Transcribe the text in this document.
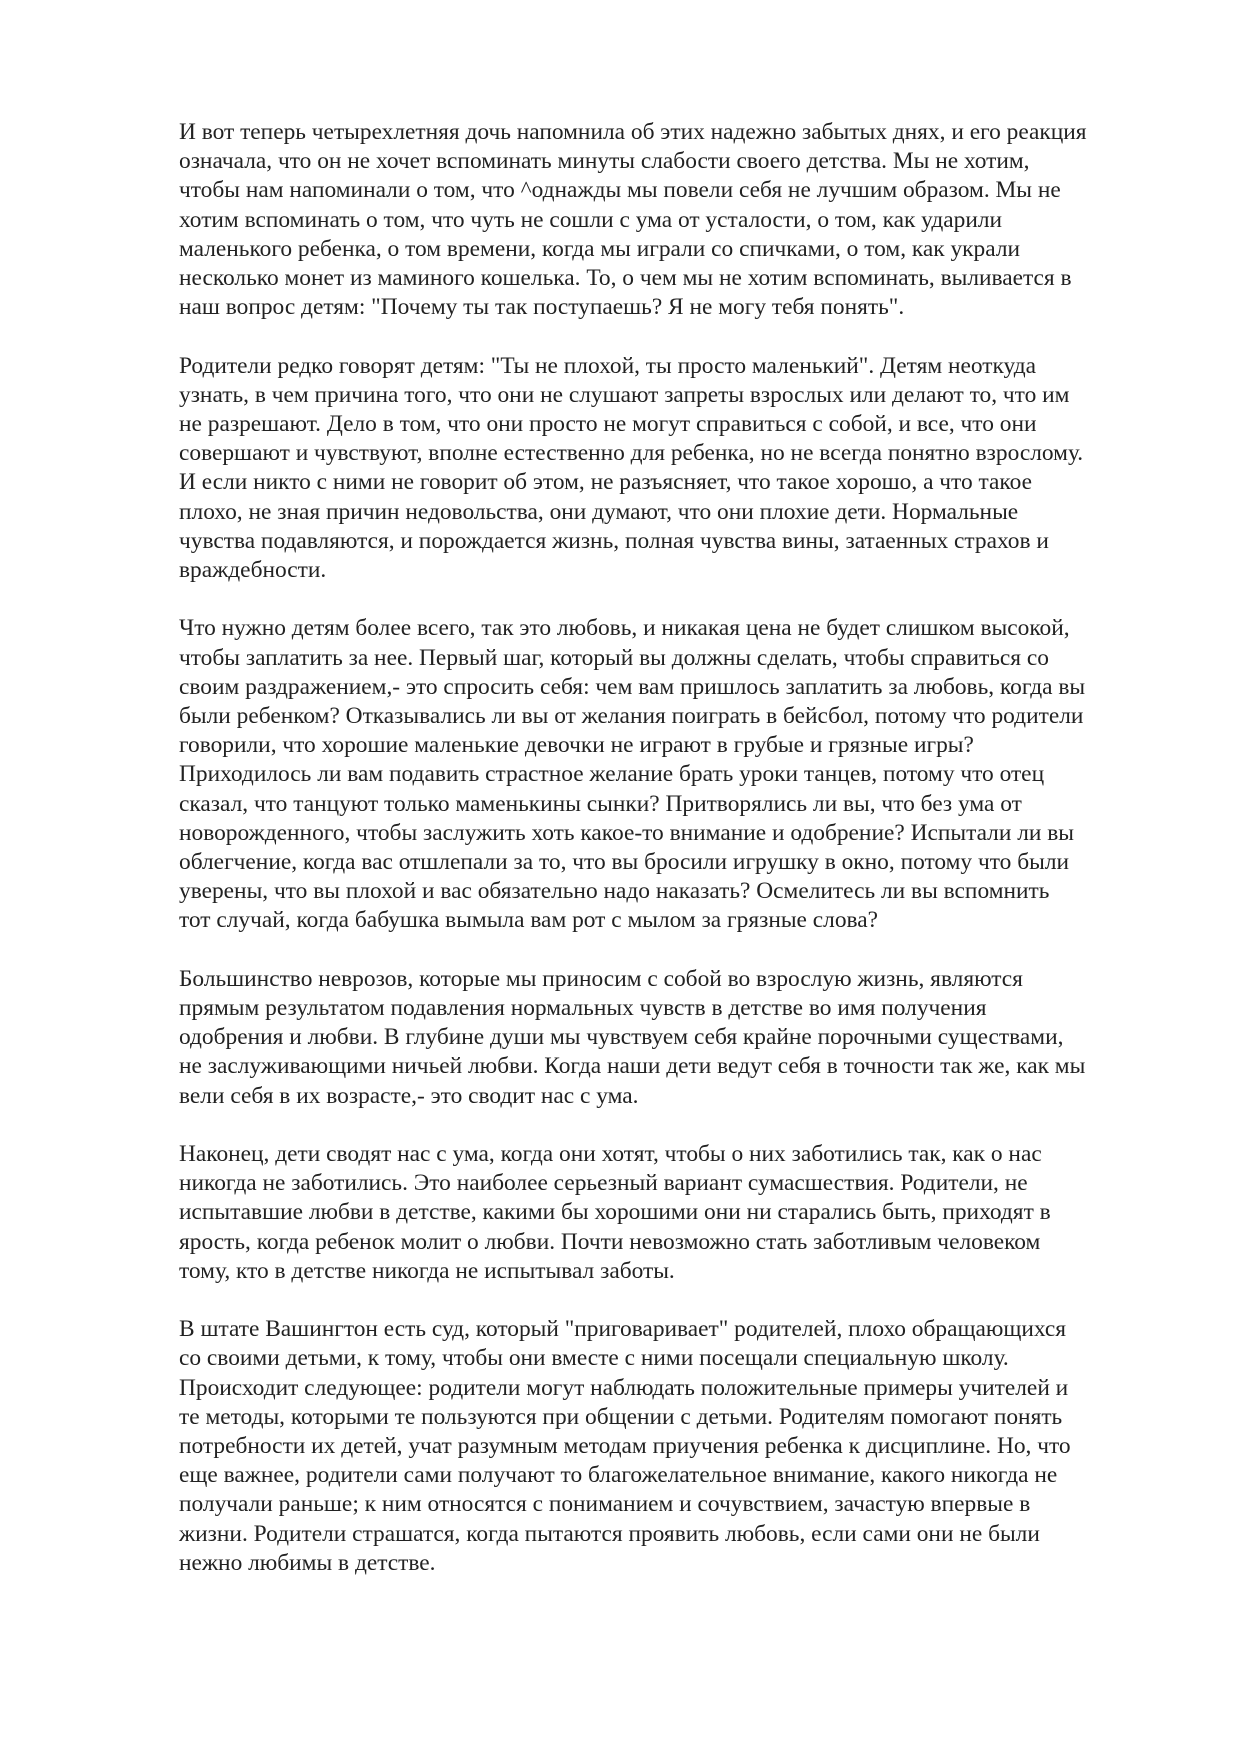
И вот теперь четырехлетняя дочь напомнила об этих надежно забытых днях, и его реакция
означала, что он не хочет вспоминать минуты слабости своего детства. Мы не хотим,
чтобы нам напоминали о том, что ^однажды мы повели себя не лучшим образом. Мы не
хотим вспоминать о том, что чуть не сошли с ума от усталости, о том, как ударили
маленького ребенка, о том времени, когда мы играли со спичками, о том, как украли
несколько монет из маминого кошелька. То, о чем мы не хотим вспоминать, выливается в
наш вопрос детям: "Почему ты так поступаешь? Я не могу тебя понять".

Родители редко говорят детям: "Ты не плохой, ты просто маленький". Детям неоткуда
узнать, в чем причина того, что они не слушают запреты взрослых или делают то, что им
не разрешают. Дело в том, что они просто не могут справиться с собой, и все, что они
совершают и чувствуют, вполне естественно для ребенка, но не всегда понятно взрослому.
И если никто с ними не говорит об этом, не разъясняет, что такое хорошо, а что такое
плохо, не зная причин недовольства, они думают, что они плохие дети. Нормальные
чувства подавляются, и порождается жизнь, полная чувства вины, затаенных страхов и
враждебности.

Что нужно детям более всего, так это любовь, и никакая цена не будет слишком высокой,
чтобы заплатить за нее. Первый шаг, который вы должны сделать, чтобы справиться со
своим раздражением,- это спросить себя: чем вам пришлось заплатить за любовь, когда вы
были ребенком? Отказывались ли вы от желания поиграть в бейсбол, потому что родители
говорили, что хорошие маленькие девочки не играют в грубые и грязные игры?
Приходилось ли вам подавить страстное желание брать уроки танцев, потому что отец
сказал, что танцуют только маменькины сынки? Притворялись ли вы, что без ума от
новорожденного, чтобы заслужить хоть какое-то внимание и одобрение? Испытали ли вы
облегчение, когда вас отшлепали за то, что вы бросили игрушку в окно, потому что были
уверены, что вы плохой и вас обязательно надо наказать? Осмелитесь ли вы вспомнить
тот случай, когда бабушка вымыла вам рот с мылом за грязные слова?

Большинство неврозов, которые мы приносим с собой во взрослую жизнь, являются
прямым результатом подавления нормальных чувств в детстве во имя получения
одобрения и любви. В глубине души мы чувствуем себя крайне порочными существами,
не заслуживающими ничьей любви. Когда наши дети ведут себя в точности так же, как мы
вели себя в их возрасте,- это сводит нас с ума.

Наконец, дети сводят нас с ума, когда они хотят, чтобы о них заботились так, как о нас
никогда не заботились. Это наиболее серьезный вариант сумасшествия. Родители, не
испытавшие любви в детстве, какими бы хорошими они ни старались быть, приходят в
ярость, когда ребенок молит о любви. Почти невозможно стать заботливым человеком
тому, кто в детстве никогда не испытывал заботы.

В штате Вашингтон есть суд, который "приговаривает" родителей, плохо обращающихся
со своими детьми, к тому, чтобы они вместе с ними посещали специальную школу.
Происходит следующее: родители могут наблюдать положительные примеры учителей и
те методы, которыми те пользуются при общении с детьми. Родителям помогают понять
потребности их детей, учат разумным методам приучения ребенка к дисциплине. Но, что
еще важнее, родители сами получают то благожелательное внимание, какого никогда не
получали раньше; к ним относятся с пониманием и сочувствием, зачастую впервые в
жизни. Родители страшатся, когда пытаются проявить любовь, если сами они не были
нежно любимы в детстве.
